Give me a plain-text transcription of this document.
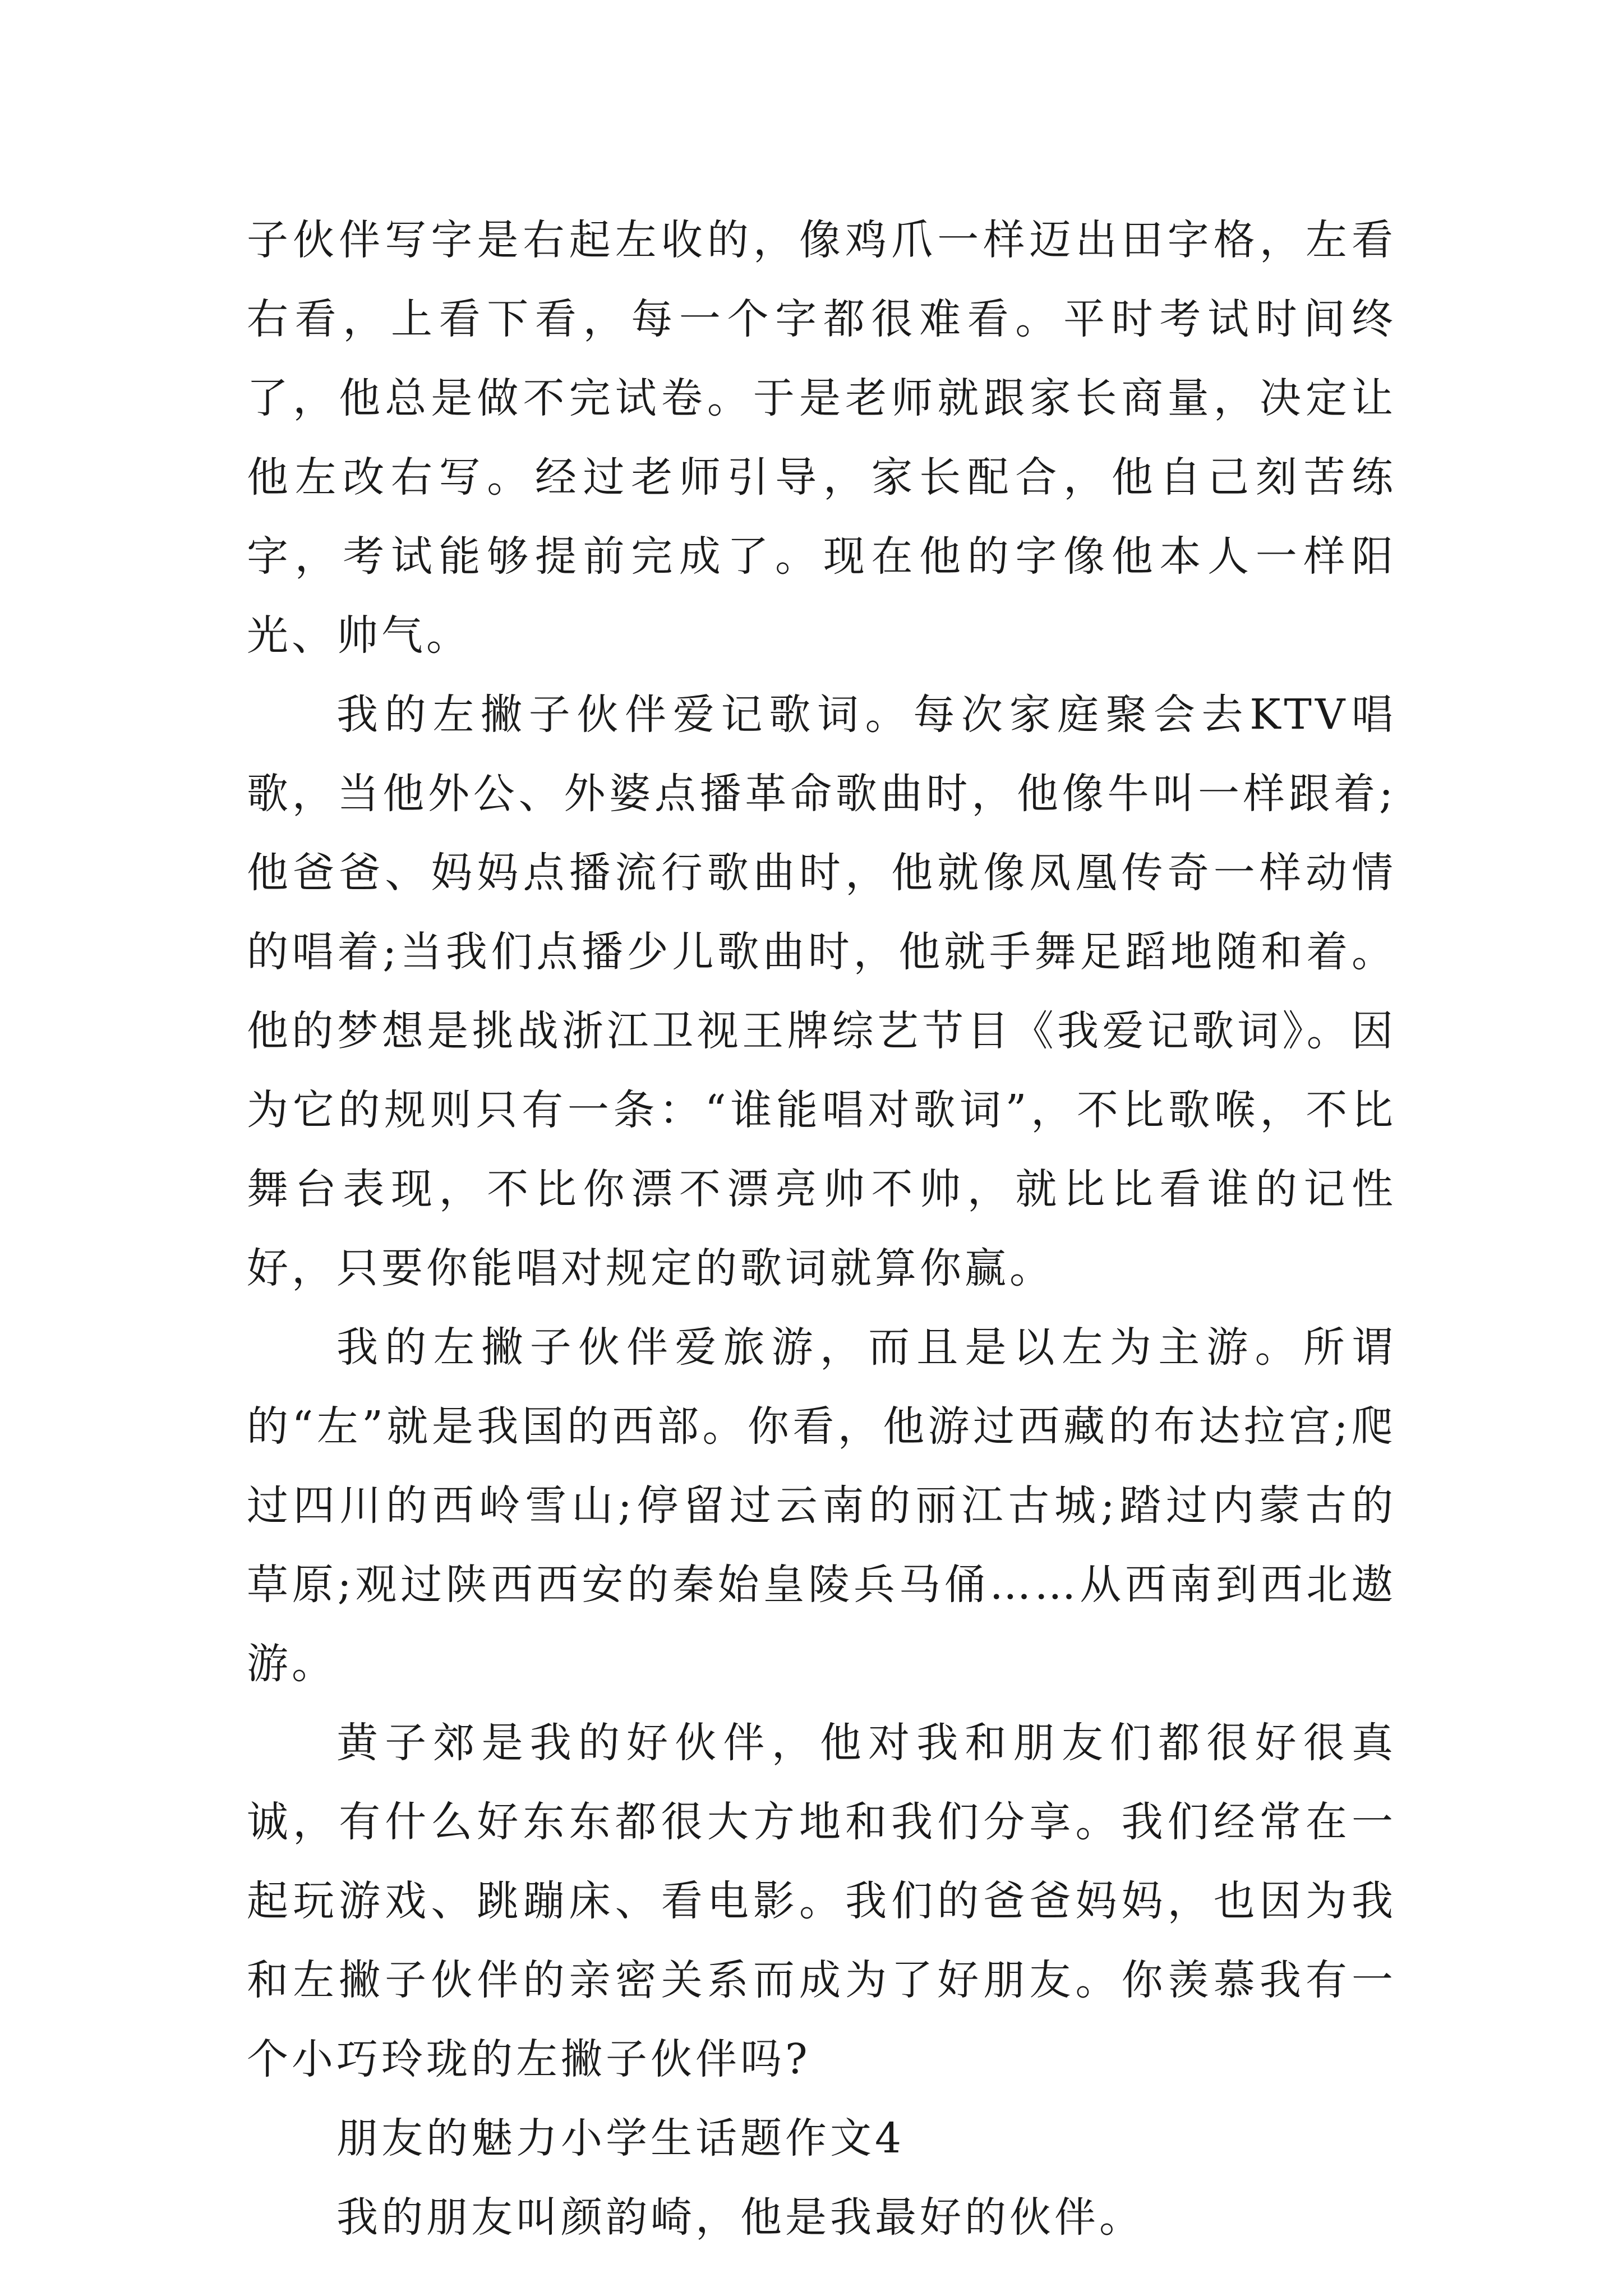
子伙伴写字是右起左收的，像鸡爪一样迈出田字格，左看右看，上看下看，每一个字都很难看。平时考试时间终了，他总是做不完试卷。于是老师就跟家长商量，决定让他左改右写。经过老师引导，家长配合，他自己刻苦练字，考试能够提前完成了。现在他的字像他本人一样阳光、帅气。

我的左撇子伙伴爱记歌词。每次家庭聚会去KTV唱歌，当他外公、外婆点播革命歌曲时，他像牛叫一样跟着;他爸爸、妈妈点播流行歌曲时，他就像凤凰传奇一样动情的唱着;当我们点播少儿歌曲时，他就手舞足蹈地随和着。他的梦想是挑战浙江卫视王牌综艺节目《我爱记歌词》。因为它的规则只有一条：“谁能唱对歌词”，不比歌喉，不比舞台表现，不比你漂不漂亮帅不帅，就比比看谁的记性好，只要你能唱对规定的歌词就算你赢。

我的左撇子伙伴爱旅游，而且是以左为主游。所谓的“左”就是我国的西部。你看，他游过西藏的布达拉宫;爬过四川的西岭雪山;停留过云南的丽江古城;踏过内蒙古的草原;观过陕西西安的秦始皇陵兵马俑……从西南到西北遨游。

黄子郊是我的好伙伴，他对我和朋友们都很好很真诚，有什么好东东都很大方地和我们分享。我们经常在一起玩游戏、跳蹦床、看电影。我们的爸爸妈妈，也因为我和左撇子伙伴的亲密关系而成为了好朋友。你羡慕我有一个小巧玲珑的左撇子伙伴吗?

朋友的魅力小学生话题作文4

我的朋友叫颜韵崎，他是我最好的伙伴。
